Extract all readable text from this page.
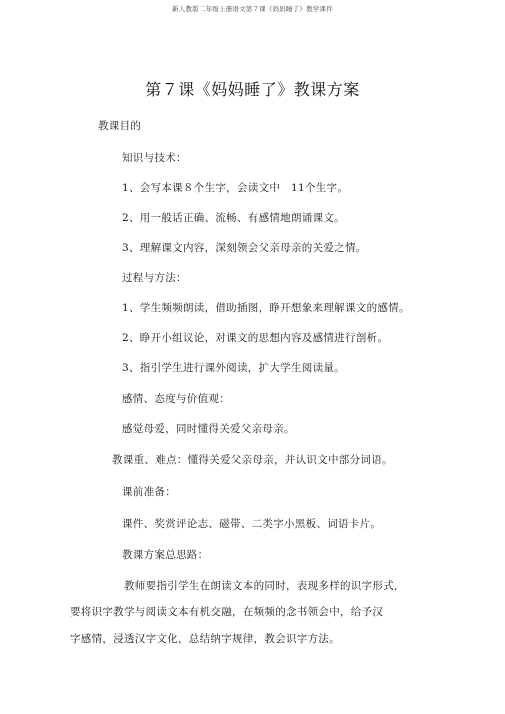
新人教版二年级上册语文第７课《妈妈睡了》教学课件
第７课《妈妈睡了》教课方案
教课目的
知识与技术：
1、会写本课８个生字，会读文中　11个生字。
2、用一般话正确、流畅、有感情地朗诵课文。
3、理解课文内容，深刻领会父亲母亲的关爱之情。
过程与方法：
1、学生频频朗读，借助插图，睁开想象来理解课文的感情。
2、睁开小组议论，对课文的思想内容及感情进行剖析。
3、指引学生进行课外阅读，扩大学生阅读量。
感情、态度与价值观：
感觉母爱，同时懂得关爱父亲母亲。
教课重、难点：懂得关爱父亲母亲，并认识文中部分词语。
课前准备：
课件、奖赏评论志、磁带、二类字小黑板、词语卡片。
教课方案总思路：
教师要指引学生在朗读文本的同时，表现多样的识字形式，
要将识字教学与阅读文本有机交融，在频频的念书领会中，给予汉
字感情，浸透汉字文化，总结纳字规律，教会识字方法。
